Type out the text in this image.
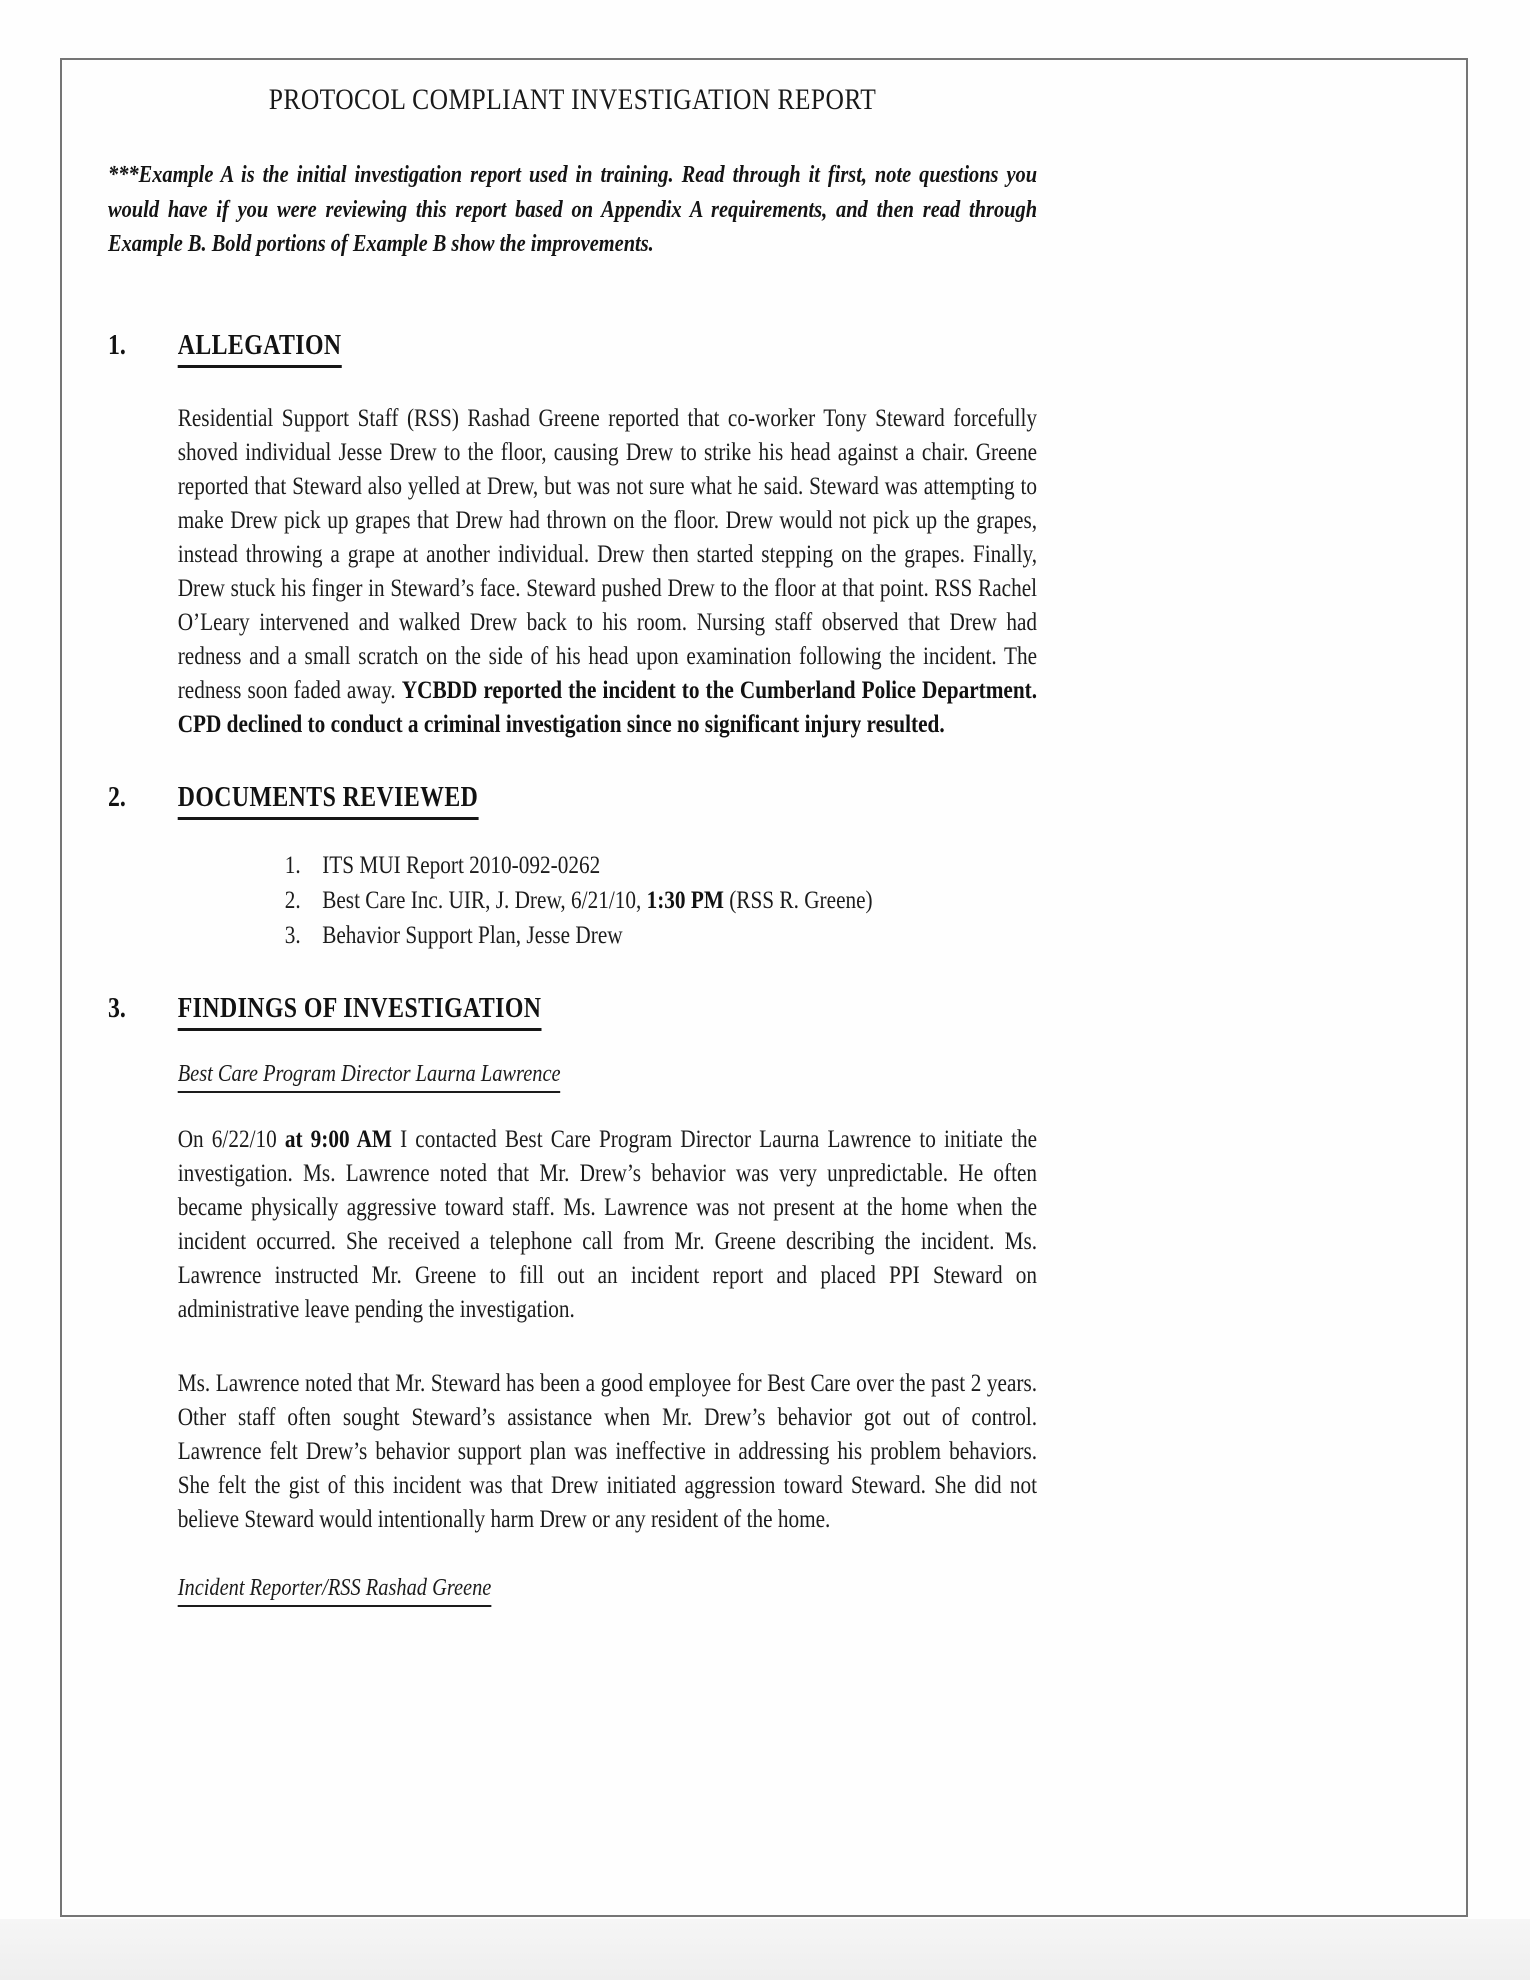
PROTOCOL COMPLIANT INVESTIGATION REPORT

***Example A is the initial investigation report used in training. Read through it first, note questions you would have if you were reviewing this report based on Appendix A requirements, and then read through Example B. Bold portions of Example B show the improvements.

1.	ALLEGATION

Residential Support Staff (RSS) Rashad Greene reported that co-worker Tony Steward forcefully shoved individual Jesse Drew to the floor, causing Drew to strike his head against a chair. Greene reported that Steward also yelled at Drew, but was not sure what he said. Steward was attempting to make Drew pick up grapes that Drew had thrown on the floor. Drew would not pick up the grapes, instead throwing a grape at another individual. Drew then started stepping on the grapes. Finally, Drew stuck his finger in Steward’s face. Steward pushed Drew to the floor at that point. RSS Rachel O’Leary intervened and walked Drew back to his room. Nursing staff observed that Drew had redness and a small scratch on the side of his head upon examination following the incident. The redness soon faded away. YCBDD reported the incident to the Cumberland Police Department. CPD declined to conduct a criminal investigation since no significant injury resulted.

2.	DOCUMENTS REVIEWED
1. ITS MUI Report 2010-092-0262
2. Best Care Inc. UIR, J. Drew, 6/21/10, 1:30 PM (RSS R. Greene)
3. Behavior Support Plan, Jesse Drew
3.	FINDINGS OF INVESTIGATION
Best Care Program Director Laurna Lawrence

On 6/22/10 at 9:00 AM I contacted Best Care Program Director Laurna Lawrence to initiate the investigation. Ms. Lawrence noted that Mr. Drew’s behavior was very unpredictable. He often became physically aggressive toward staff. Ms. Lawrence was not present at the home when the incident occurred. She received a telephone call from Mr. Greene describing the incident. Ms. Lawrence instructed Mr. Greene to fill out an incident report and placed PPI Steward on administrative leave pending the investigation.

Ms. Lawrence noted that Mr. Steward has been a good employee for Best Care over the past 2 years. Other staff often sought Steward’s assistance when Mr. Drew’s behavior got out of control. Lawrence felt Drew’s behavior support plan was ineffective in addressing his problem behaviors. She felt the gist of this incident was that Drew initiated aggression toward Steward. She did not believe Steward would intentionally harm Drew or any resident of the home.

Incident Reporter/RSS Rashad Greene
